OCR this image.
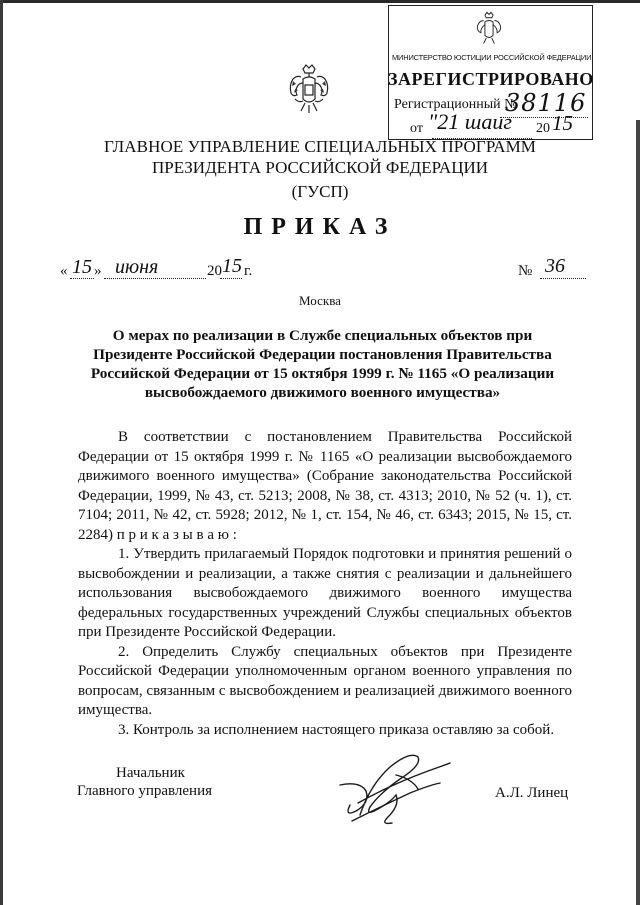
МИНИСТЕРСТВО ЮСТИЦИИ РОССИЙСКОЙ ФЕДЕРАЦИИ
ЗАРЕГИСТРИРОВАНО
Регистрационный №
38116
от "21 шаиг 20 15
ГЛАВНОЕ УПРАВЛЕНИЕ СПЕЦИАЛЬНЫХ ПРОГРАММ
ПРЕЗИДЕНТА РОССИЙСКОЙ ФЕДЕРАЦИИ
(ГУСП)
ПРИКАЗ
« 15 » июня	20 15 г.	№ 36
Москва
О мерах по реализации в Службе специальных объектов при Президенте Российской Федерации постановления Правительства Российской Федерации от 15 октября 1999 г. № 1165 «О реализации высвобождаемого движимого военного имущества»

В соответствии с постановлением Правительства Российской Федерации от 15 октября 1999 г. № 1165 «О реализации высвобождаемого движимого военного имущества» (Собрание законодательства Российской Федерации, 1999, № 43, ст. 5213; 2008, № 38, ст. 4313; 2010, № 52 (ч. 1), ст. 7104; 2011, № 42, ст. 5928; 2012, № 1, ст. 154, № 46, ст. 6343; 2015, № 15, ст. 2284) п р и к а з ы в а ю :

1. Утвердить прилагаемый Порядок подготовки и принятия решений о высвобождении и реализации, а также снятия с реализации и дальнейшего использования высвобождаемого движимого военного имущества федеральных государственных учреждений Службы специальных объектов при Президенте Российской Федерации.

2. Определить Службу специальных объектов при Президенте Российской Федерации уполномоченным органом военного управления по вопросам, связанным с высвобождением и реализацией движимого военного имущества.

3. Контроль за исполнением настоящего приказа оставляю за собой.

Начальник
Главного управления	А.Л. Линец
